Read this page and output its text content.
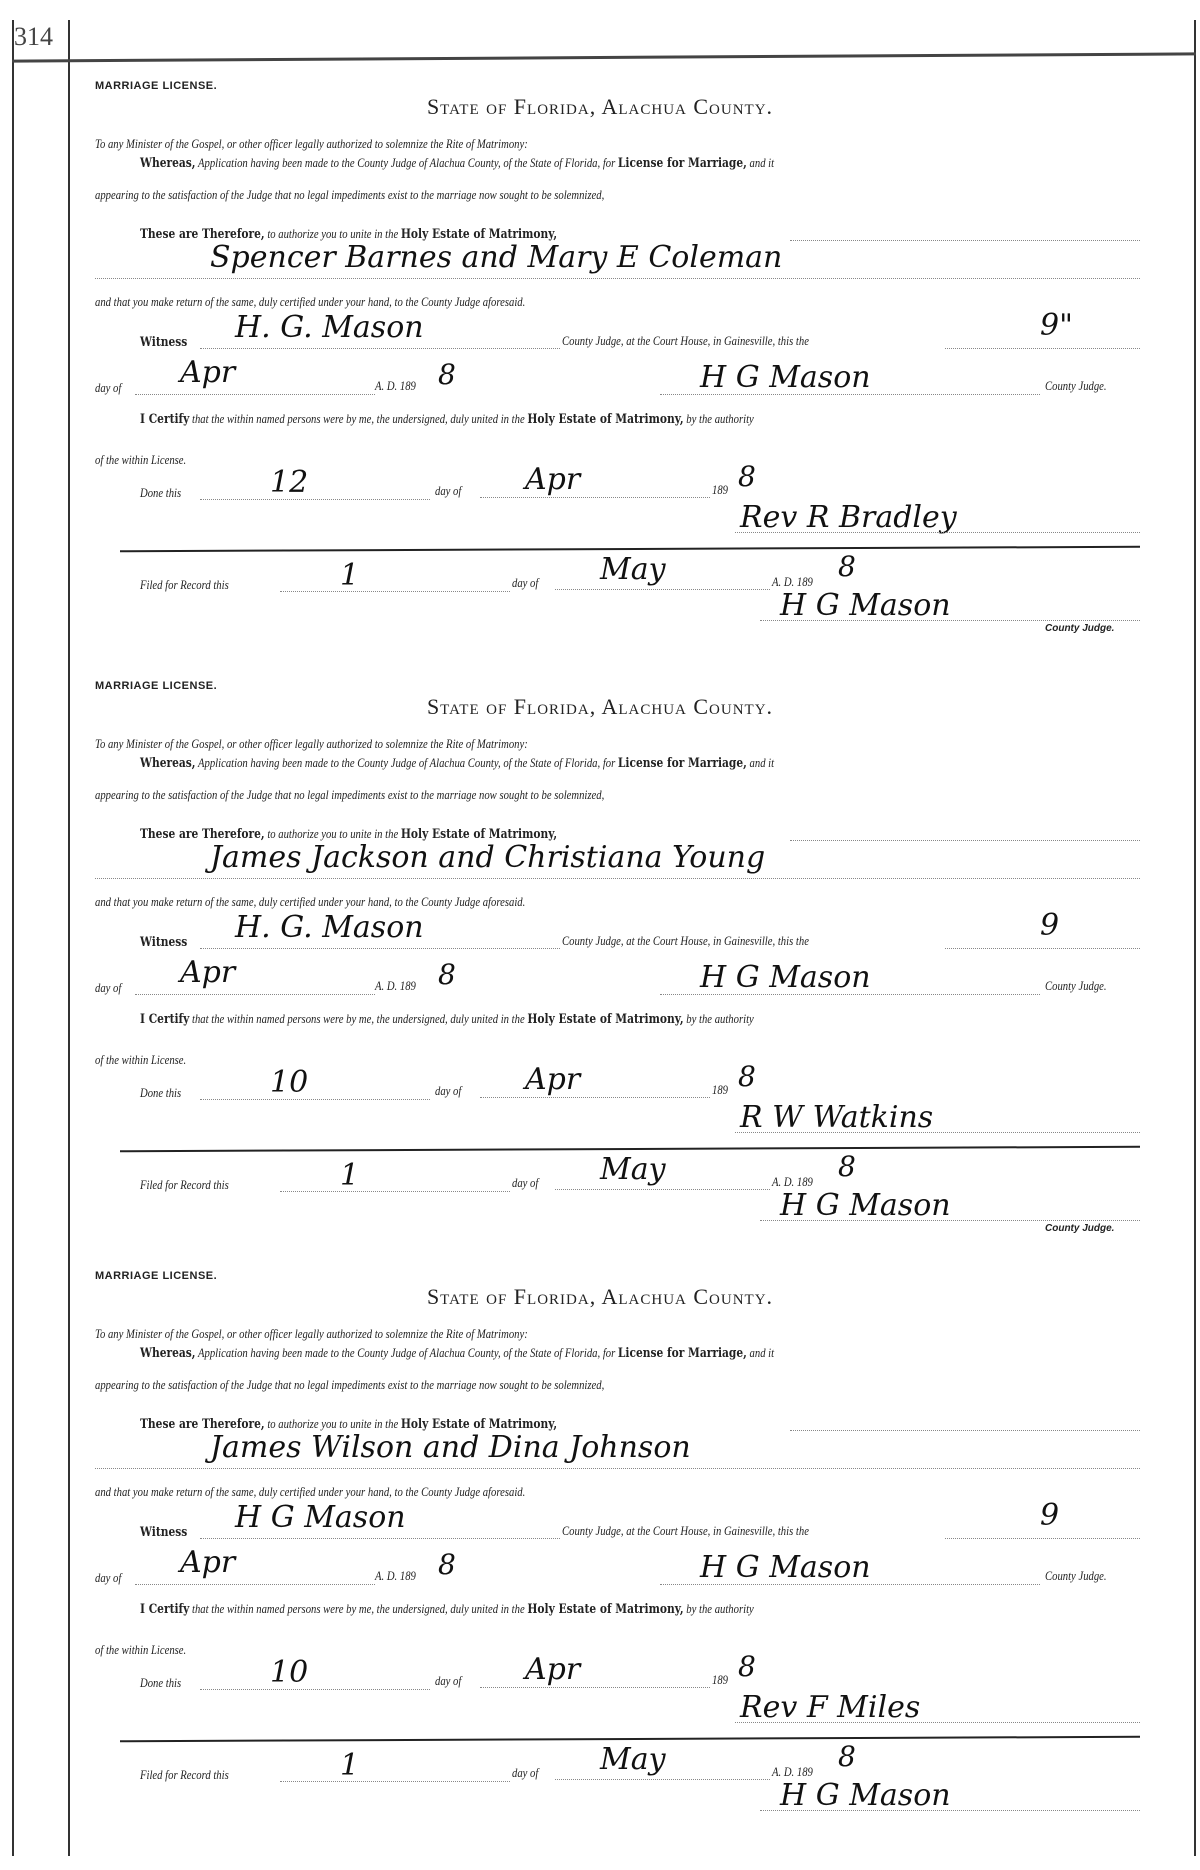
314
MARRIAGE LICENSE.
State of Florida, Alachua County.
To any Minister of the Gospel, or other officer legally authorized to solemnize the Rite of Matrimony:
Whereas, Application having been made to the County Judge of Alachua County, of the State of Florida, for License for Marriage, and it
appearing to the satisfaction of the Judge that no legal impediments exist to the marriage now sought to be solemnized,
These are Therefore, to authorize you to unite in the Holy Estate of Matrimony,
Spencer Barnes and Mary E Coleman
and that you make return of the same, duly certified under your hand, to the County Judge aforesaid.
Witness H. G. Mason	County Judge, at the Court House, in Gainesville, this the	9"
day of Apr	A. D. 189 8	H G Mason	County Judge.
I Certify that the within named persons were by me, the undersigned, duly united in the Holy Estate of Matrimony, by the authority
of the within License.
Done this	12	day of Apr	189 8
Rev R Bradley
Filed for Record this	1	day of May	A. D. 189 8
H G Mason
County Judge.
MARRIAGE LICENSE.
State of Florida, Alachua County.
To any Minister of the Gospel, or other officer legally authorized to solemnize the Rite of Matrimony:
Whereas, Application having been made to the County Judge of Alachua County, of the State of Florida, for License for Marriage, and it
appearing to the satisfaction of the Judge that no legal impediments exist to the marriage now sought to be solemnized,
These are Therefore, to authorize you to unite in the Holy Estate of Matrimony,
James Jackson and Christiana Young
and that you make return of the same, duly certified under your hand, to the County Judge aforesaid.
Witness H. G. Mason	County Judge, at the Court House, in Gainesville, this the	9
day of Apr	A. D. 189 8	H G Mason	County Judge.
I Certify that the within named persons were by me, the undersigned, duly united in the Holy Estate of Matrimony, by the authority
of the within License.
Done this	10	day of Apr	189 8
R W Watkins
Filed for Record this	1	day of May	A. D. 189 8
H G Mason
County Judge.
MARRIAGE LICENSE.
State of Florida, Alachua County.
To any Minister of the Gospel, or other officer legally authorized to solemnize the Rite of Matrimony:
Whereas, Application having been made to the County Judge of Alachua County, of the State of Florida, for License for Marriage, and it
appearing to the satisfaction of the Judge that no legal impediments exist to the marriage now sought to be solemnized,
These are Therefore, to authorize you to unite in the Holy Estate of Matrimony,
James Wilson and Dina Johnson
and that you make return of the same, duly certified under your hand, to the County Judge aforesaid.
Witness H G Mason	County Judge, at the Court House, in Gainesville, this the	9
day of Apr	A. D. 189 8	H G Mason	County Judge.
I Certify that the within named persons were by me, the undersigned, duly united in the Holy Estate of Matrimony, by the authority
of the within License.
Done this	10	day of Apr	189 8
Rev F Miles
Filed for Record this	1	day of May	A. D. 189 8
H G Mason
